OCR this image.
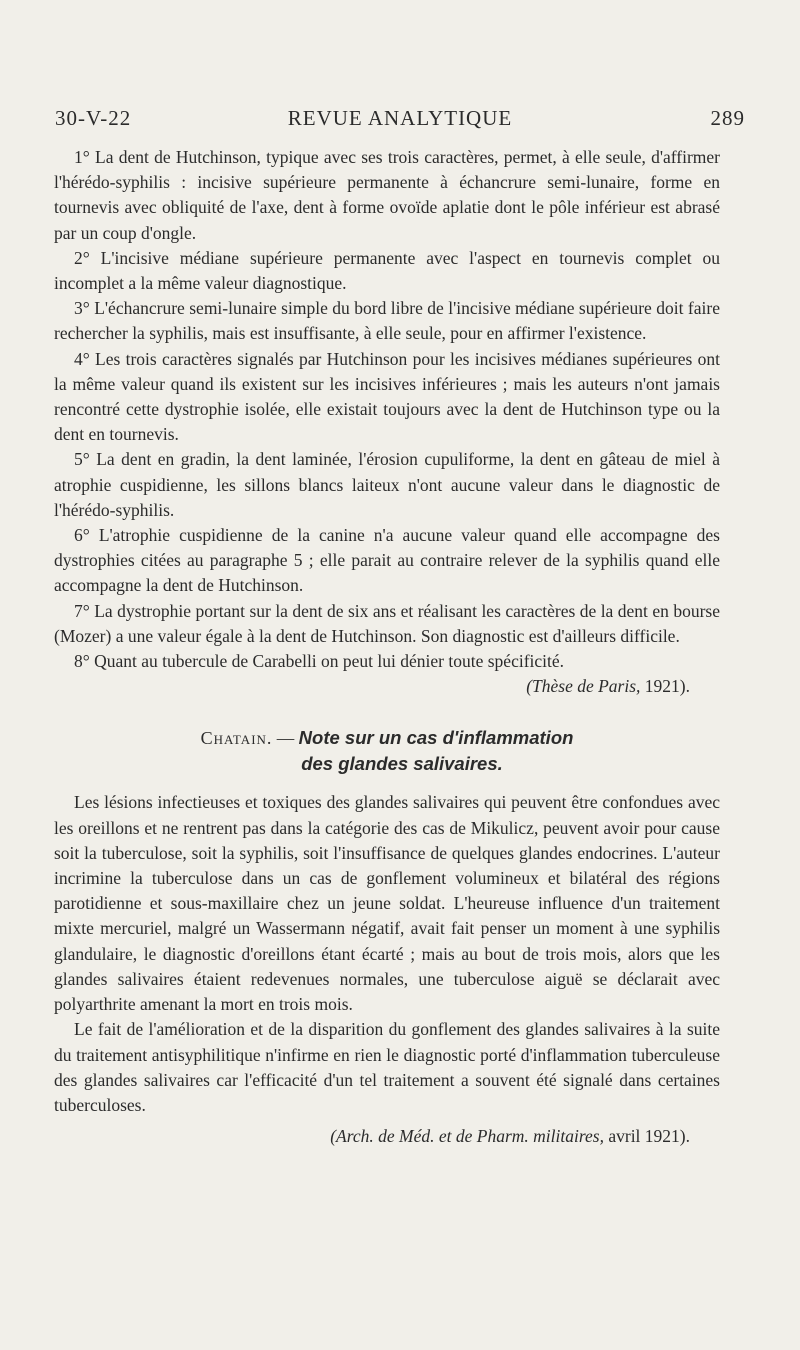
30-V-22	REVUE ANALYTIQUE	289

1° La dent de Hutchinson, typique avec ses trois caractères, permet, à elle seule, d'affirmer l'hérédo-syphilis : incisive supérieure permanente à échancrure semi-lunaire, forme en tournevis avec obliquité de l'axe, dent à forme ovoïde aplatie dont le pôle inférieur est abrasé par un coup d'ongle.

2° L'incisive médiane supérieure permanente avec l'aspect en tournevis complet ou incomplet a la même valeur diagnostique.

3° L'échancrure semi-lunaire simple du bord libre de l'incisive médiane supérieure doit faire rechercher la syphilis, mais est insuffisante, à elle seule, pour en affirmer l'existence.

4° Les trois caractères signalés par Hutchinson pour les incisives médianes supérieures ont la même valeur quand ils existent sur les incisives inférieures ; mais les auteurs n'ont jamais rencontré cette dystrophie isolée, elle existait toujours avec la dent de Hutchinson type ou la dent en tournevis.

5° La dent en gradin, la dent laminée, l'érosion cupuliforme, la dent en gâteau de miel à atrophie cuspidienne, les sillons blancs laiteux n'ont aucune valeur dans le diagnostic de l'hérédo-syphilis.

6° L'atrophie cuspidienne de la canine n'a aucune valeur quand elle accompagne des dystrophies citées au paragraphe 5 ; elle parait au contraire relever de la syphilis quand elle accompagne la dent de Hutchinson.

7° La dystrophie portant sur la dent de six ans et réalisant les caractères de la dent en bourse (Mozer) a une valeur égale à la dent de Hutchinson. Son diagnostic est d'ailleurs difficile.

8° Quant au tubercule de Carabelli on peut lui dénier toute spécificité.

(Thèse de Paris, 1921).

Chatain. — Note sur un cas d'inflammation
des glandes salivaires.

Les lésions infectieuses et toxiques des glandes salivaires qui peuvent être confondues avec les oreillons et ne rentrent pas dans la catégorie des cas de Mikulicz, peuvent avoir pour cause soit la tuberculose, soit la syphilis, soit l'insuffisance de quelques glandes endocrines. L'auteur incrimine la tuberculose dans un cas de gonflement volumineux et bilatéral des régions parotidienne et sous-maxillaire chez un jeune soldat. L'heureuse influence d'un traitement mixte mercuriel, malgré un Wassermann négatif, avait fait penser un moment à une syphilis glandulaire, le diagnostic d'oreillons étant écarté ; mais au bout de trois mois, alors que les glandes salivaires étaient redevenues normales, une tuberculose aiguë se déclarait avec polyarthrite amenant la mort en trois mois.

Le fait de l'amélioration et de la disparition du gonflement des glandes salivaires à la suite du traitement antisyphilitique n'infirme en rien le diagnostic porté d'inflammation tuberculeuse des glandes salivaires car l'efficacité d'un tel traitement a souvent été signalé dans certaines tuberculoses.

(Arch. de Méd. et de Pharm. militaires, avril 1921).
